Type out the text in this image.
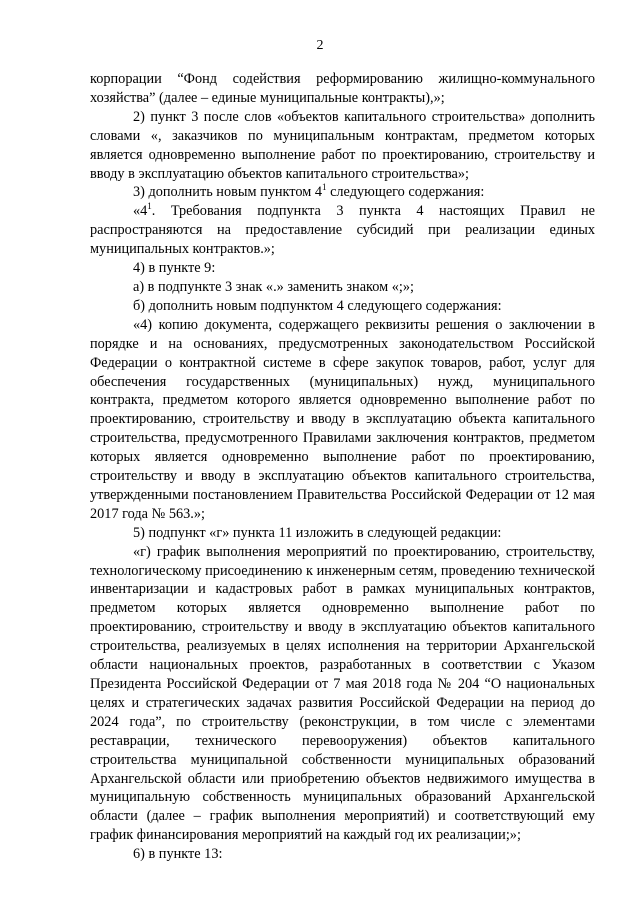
2

корпорации “Фонд содействия реформированию жилищно-коммунального хозяйства” (далее – единые муниципальные контракты),»;

2) пункт 3 после слов «объектов капитального строительства» дополнить словами «, заказчиков по муниципальным контрактам, предметом которых является одновременно выполнение работ по проектированию, строительству и вводу в эксплуатацию объектов капитального строительства»;

3) дополнить новым пунктом $4^1$ следующего содержания:

«$4^1$. Требования подпункта 3 пункта 4 настоящих Правил не распространяются на предоставление субсидий при реализации единых муниципальных контрактов.»;

4) в пункте 9:

а) в подпункте 3 знак «.» заменить знаком «;»;

б) дополнить новым подпунктом 4 следующего содержания:

«4) копию документа, содержащего реквизиты решения о заключении в порядке и на основаниях, предусмотренных законодательством Российской Федерации о контрактной системе в сфере закупок товаров, работ, услуг для обеспечения государственных (муниципальных) нужд, муниципального контракта, предметом которого является одновременно выполнение работ по проектированию, строительству и вводу в эксплуатацию объекта капитального строительства, предусмотренного Правилами заключения контрактов, предметом которых является одновременно выполнение работ по проектированию, строительству и вводу в эксплуатацию объектов капитального строительства, утвержденными постановлением Правительства Российской Федерации от 12 мая 2017 года № 563.»;

5) подпункт «г» пункта 11 изложить в следующей редакции:

«г) график выполнения мероприятий по проектированию, строительству, технологическому присоединению к инженерным сетям, проведению технической инвентаризации и кадастровых работ в рамках муниципальных контрактов, предметом которых является одновременно выполнение работ по проектированию, строительству и вводу в эксплуатацию объектов капитального строительства, реализуемых в целях исполнения на территории Архангельской области национальных проектов, разработанных в соответствии с Указом Президента Российской Федерации от 7 мая 2018 года № 204 “О национальных целях и стратегических задачах развития Российской Федерации на период до 2024 года”, по строительству (реконструкции, в том числе с элементами реставрации, технического перевооружения) объектов капитального строительства муниципальной собственности муниципальных образований Архангельской области или приобретению объектов недвижимого имущества в муниципальную собственность муниципальных образований Архангельской области (далее – график выполнения мероприятий) и соответствующий ему график финансирования мероприятий на каждый год их реализации;»;

6) в пункте 13:
